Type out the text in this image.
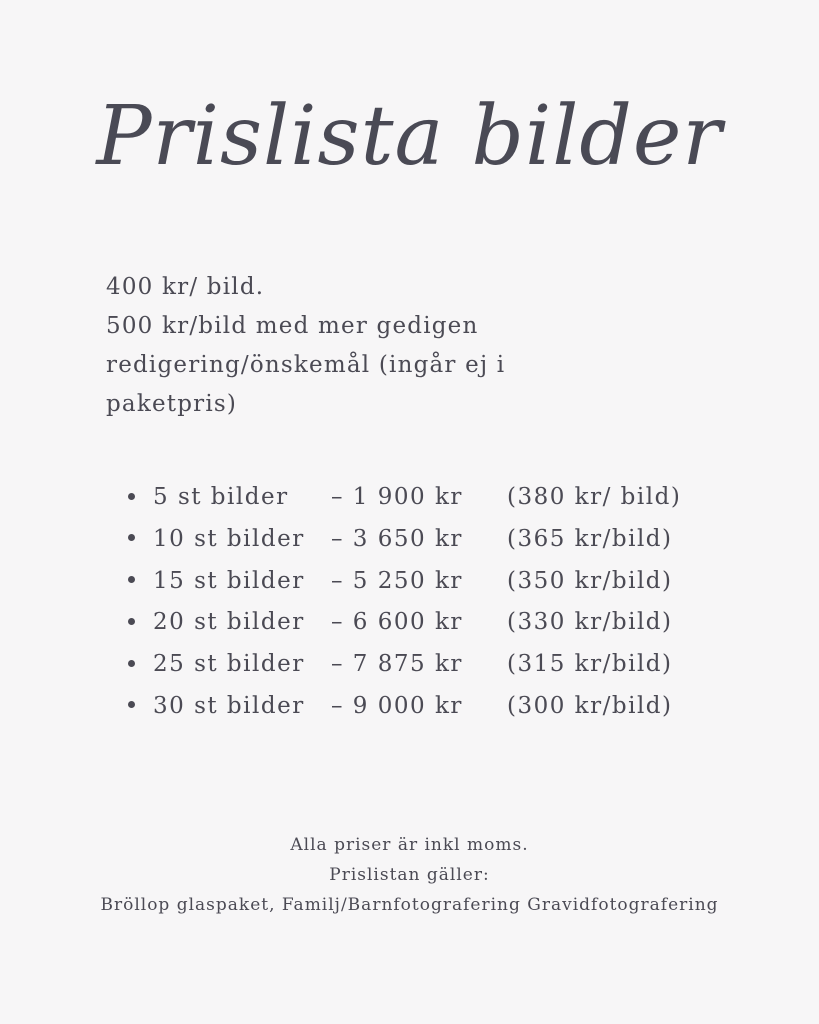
Prislista bilder
400 kr/ bild.
500 kr/bild med mer gedigen
redigering/önskemål (ingår ej i
paketpris)
5 st bilder – 1 900 kr (380 kr/ bild)
10 st bilder – 3 650 kr (365 kr/bild)
15 st bilder – 5 250 kr (350 kr/bild)
20 st bilder – 6 600 kr (330 kr/bild)
25 st bilder – 7 875 kr (315 kr/bild)
30 st bilder – 9 000 kr (300 kr/bild)
Alla priser är inkl moms.
Prislistan gäller:
Bröllop glaspaket, Familj/Barnfotografering Gravidfotografering
